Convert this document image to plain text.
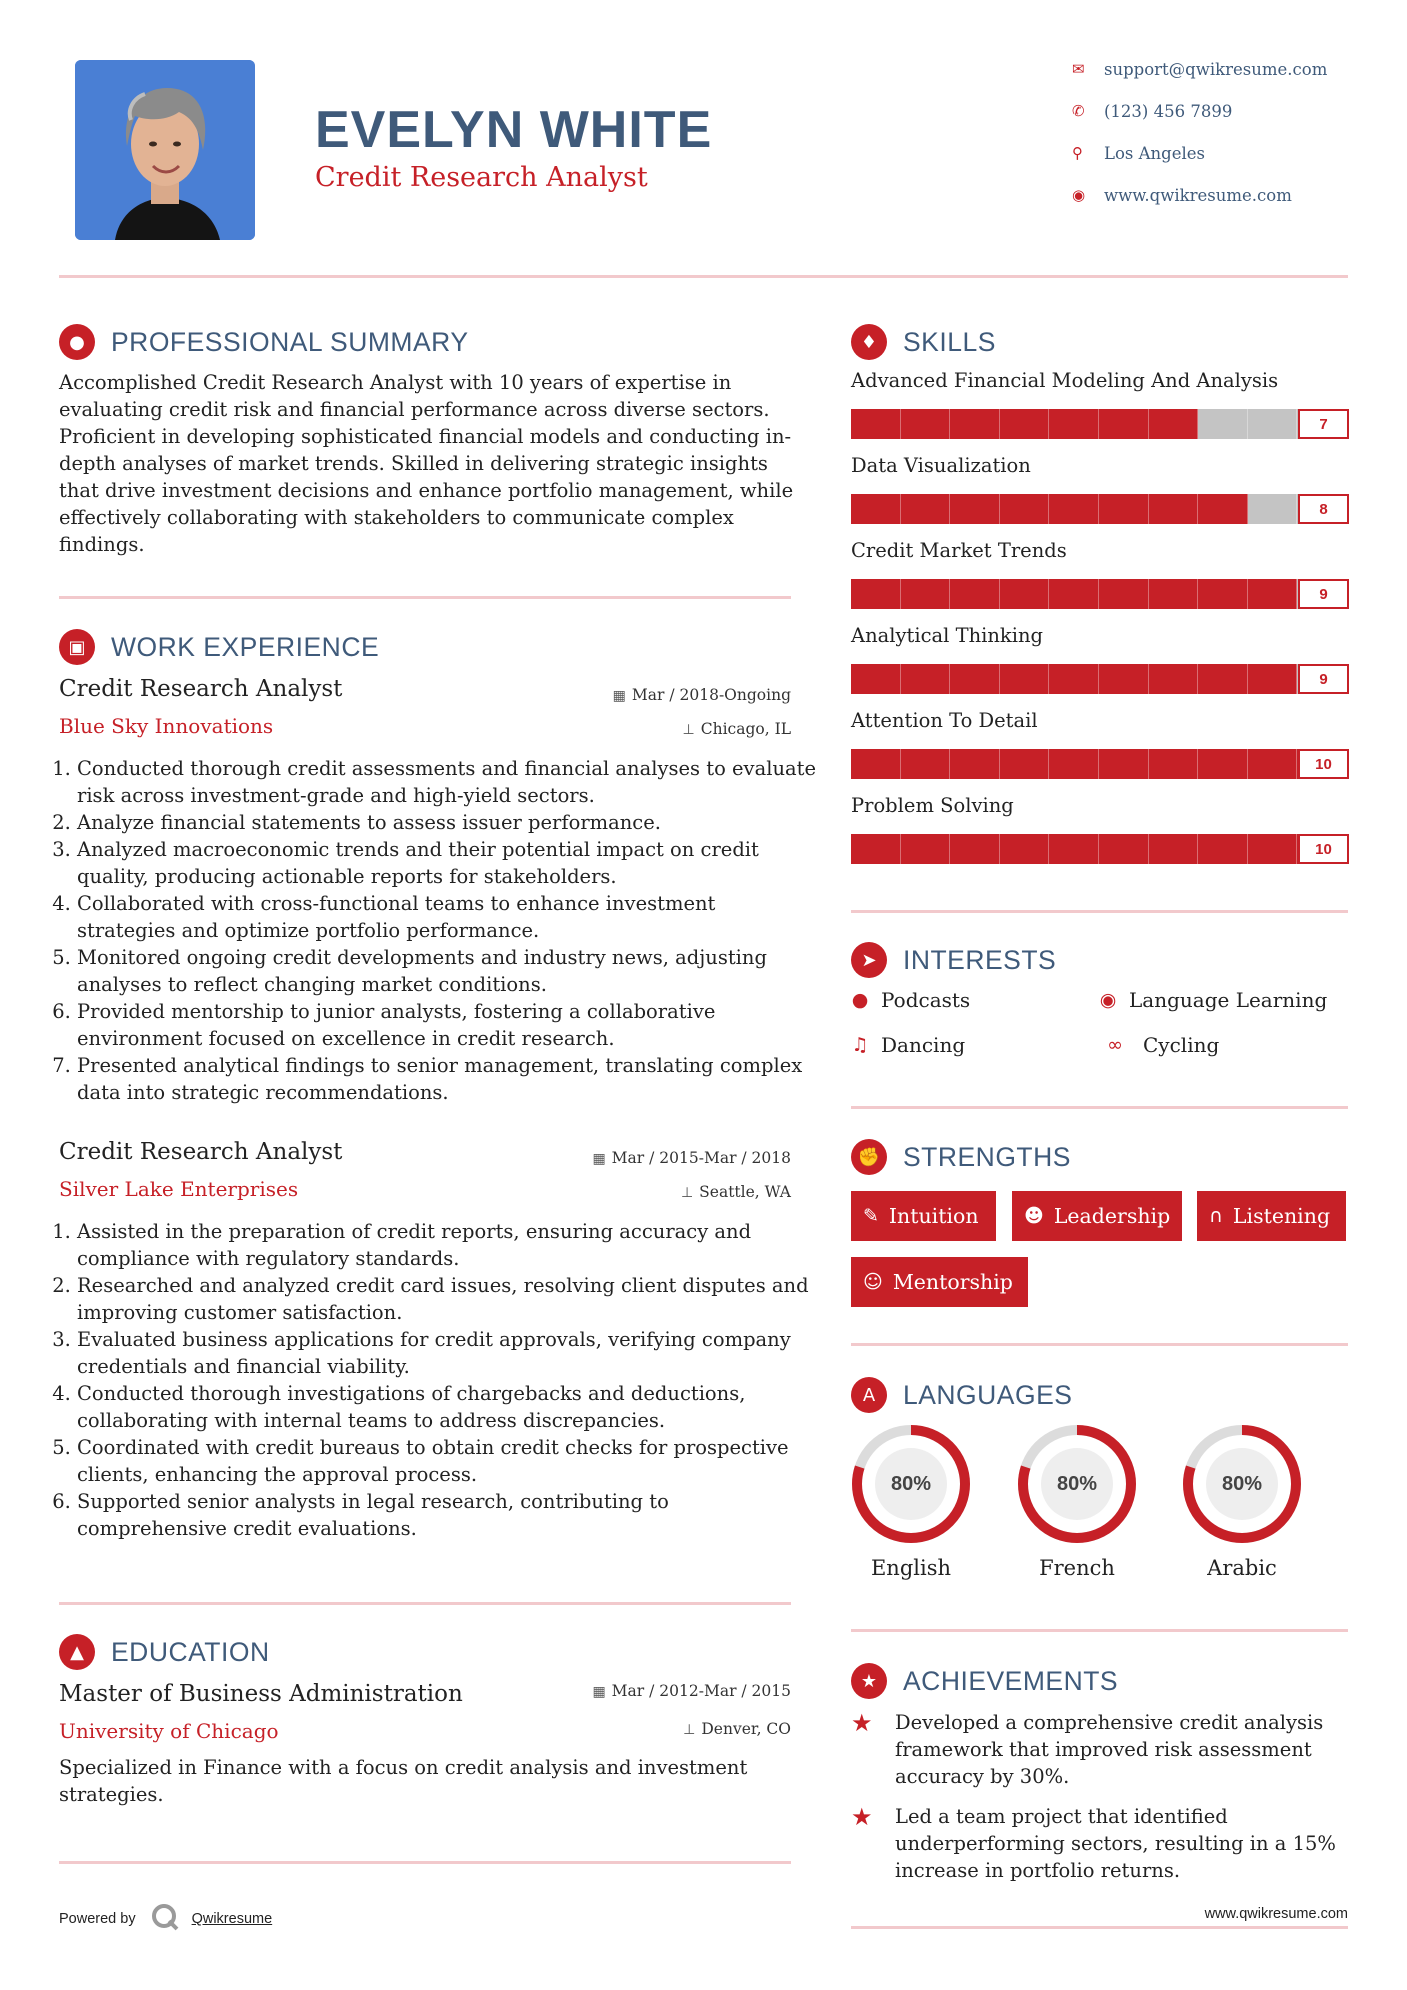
EVELYN WHITE
Credit Research Analyst
✉	support@qwikresume.com
✆	(123) 456 7899
⚲	Los Angeles
◉	www.qwikresume.com
● PROFESSIONAL SUMMARY
Accomplished Credit Research Analyst with 10 years of expertise in evaluating credit risk and financial performance across diverse sectors. Proficient in developing sophisticated financial models and conducting in-depth analyses of market trends. Skilled in delivering strategic insights that drive investment decisions and enhance portfolio management, while effectively collaborating with stakeholders to communicate complex findings.
▣ WORK EXPERIENCE
Credit Research Analyst	▦ Mar / 2018-Ongoing
Blue Sky Innovations	⊥ Chicago, IL
1. Conducted thorough credit assessments and financial analyses to evaluate risk across investment-grade and high-yield sectors.
2. Analyze financial statements to assess issuer performance.
3. Analyzed macroeconomic trends and their potential impact on credit quality, producing actionable reports for stakeholders.
4. Collaborated with cross-functional teams to enhance investment strategies and optimize portfolio performance.
5. Monitored ongoing credit developments and industry news, adjusting analyses to reflect changing market conditions.
6. Provided mentorship to junior analysts, fostering a collaborative environment focused on excellence in credit research.
7. Presented analytical findings to senior management, translating complex data into strategic recommendations.
Credit Research Analyst	▦ Mar / 2015-Mar / 2018
Silver Lake Enterprises	⊥ Seattle, WA
1. Assisted in the preparation of credit reports, ensuring accuracy and compliance with regulatory standards.
2. Researched and analyzed credit card issues, resolving client disputes and improving customer satisfaction.
3. Evaluated business applications for credit approvals, verifying company credentials and financial viability.
4. Conducted thorough investigations of chargebacks and deductions, collaborating with internal teams to address discrepancies.
5. Coordinated with credit bureaus to obtain credit checks for prospective clients, enhancing the approval process.
6. Supported senior analysts in legal research, contributing to comprehensive credit evaluations.
▲	EDUCATION
Master of Business Administration	▦ Mar / 2012-Mar / 2015
University of Chicago	⊥ Denver, CO
Specialized in Finance with a focus on credit analysis and investment strategies.
Powered by	Qwikresume
♦ SKILLS
Advanced Financial Modeling And Analysis
7
Data Visualization
8
Credit Market Trends
9
Analytical Thinking
9
Attention To Detail
10
Problem Solving
10
➤ INTERESTS
● Podcasts	◉ Language Learning
♫ Dancing	∞	Cycling
✊ STRENGTHS
✎ Intuition ☻ Leadership ∩ Listening
☺ Mentorship
A	LANGUAGES
80%
English
80%
French
80%
Arabic
★ ACHIEVEMENTS
★	Developed a comprehensive credit analysis framework that improved risk assessment accuracy by 30%.
★	Led a team project that identified underperforming sectors, resulting in a 15% increase in portfolio returns.
www.qwikresume.com
